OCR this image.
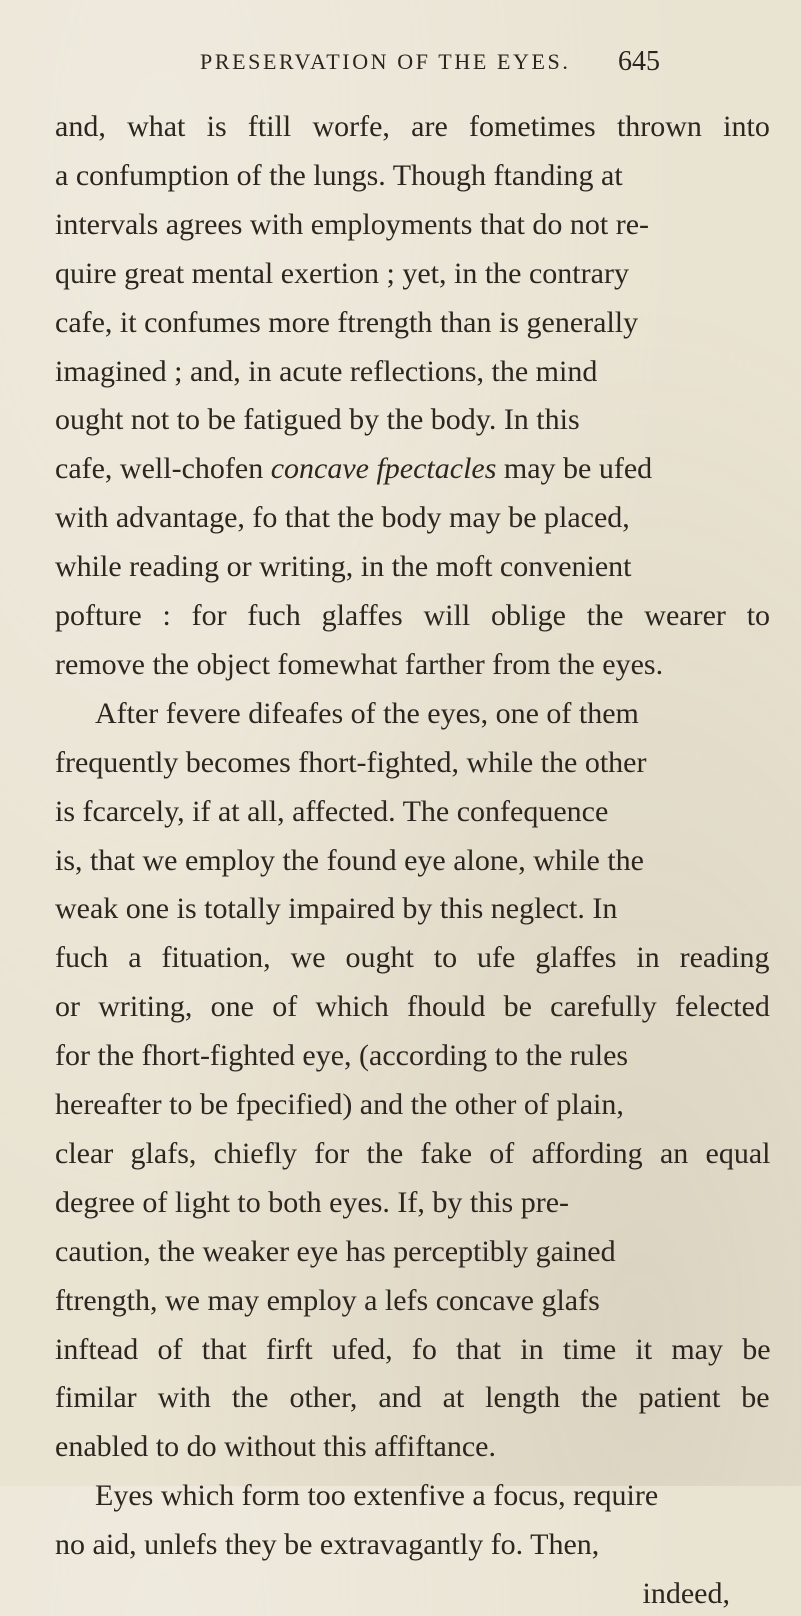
PRESERVATION OF THE EYES. 645
and, what is ftill worfe, are fometimes thrown into
a confumption of the lungs. Though ftanding at
intervals agrees with employments that do not re-
quire great mental exertion ; yet, in the contrary
cafe, it confumes more ftrength than is generally
imagined ; and, in acute reflections, the mind
ought not to be fatigued by the body. In this
cafe, well-chofen concave fpectacles may be ufed
with advantage, fo that the body may be placed,
while reading or writing, in the moft convenient
pofture : for fuch glaffes will oblige the wearer to
remove the object fomewhat farther from the eyes.
After fevere difeafes of the eyes, one of them
frequently becomes fhort-fighted, while the other
is fcarcely, if at all, affected. The confequence
is, that we employ the found eye alone, while the
weak one is totally impaired by this neglect. In
fuch a fituation, we ought to ufe glaffes in reading
or writing, one of which fhould be carefully felected
for the fhort-fighted eye, (according to the rules
hereafter to be fpecified) and the other of plain,
clear glafs, chiefly for the fake of affording an equal
degree of light to both eyes. If, by this pre-
caution, the weaker eye has perceptibly gained
ftrength, we may employ a lefs concave glafs
inftead of that firft ufed, fo that in time it may be
fimilar with the other, and at length the patient be
enabled to do without this affiftance.
Eyes which form too extenfive a focus, require
no aid, unlefs they be extravagantly fo. Then,
indeed,
